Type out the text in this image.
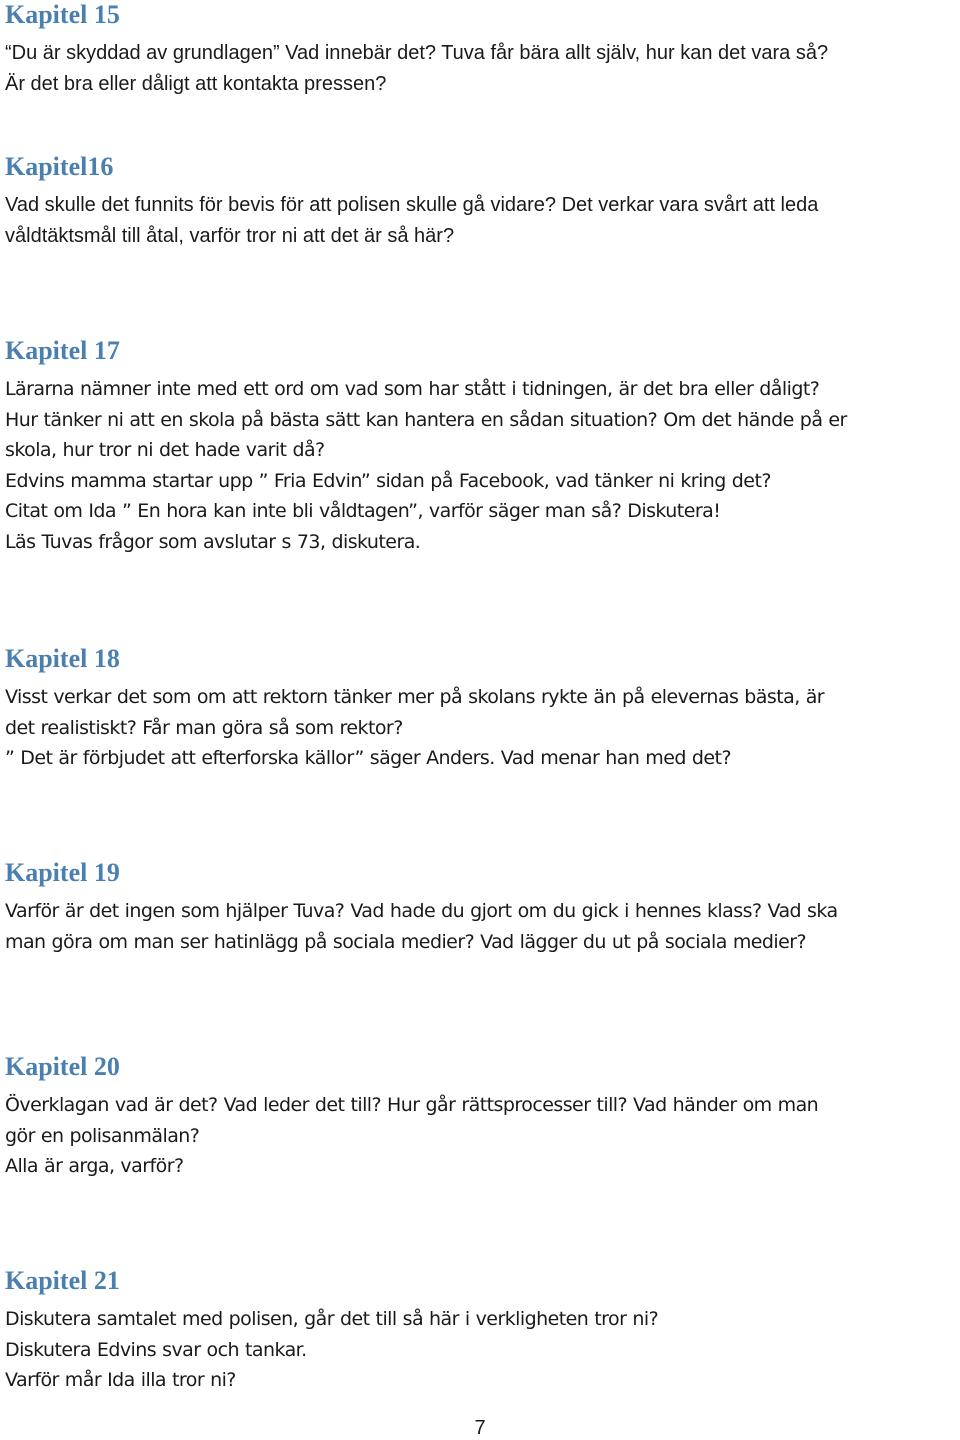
Kapitel 15
“Du är skyddad av grundlagen” Vad innebär det? Tuva får bära allt själv, hur kan det vara så?
Är det bra eller dåligt att kontakta pressen?
Kapitel16
Vad skulle det funnits för bevis för att polisen skulle gå vidare? Det verkar vara svårt att leda
våldtäktsmål till åtal, varför tror ni att det är så här?
Kapitel 17
Lärarna nämner inte med ett ord om vad som har stått i tidningen, är det bra eller dåligt?
Hur tänker ni att en skola på bästa sätt kan hantera en sådan situation? Om det hände på er
skola, hur tror ni det hade varit då?
Edvins mamma startar upp ” Fria Edvin” sidan på Facebook, vad tänker ni kring det?
Citat om Ida ” En hora kan inte bli våldtagen”, varför säger man så? Diskutera!
Läs Tuvas frågor som avslutar s 73, diskutera.
Kapitel 18
Visst verkar det som om att rektorn tänker mer på skolans rykte än på elevernas bästa, är
det realistiskt? Får man göra så som rektor?
” Det är förbjudet att efterforska källor” säger Anders. Vad menar han med det?
Kapitel 19
Varför är det ingen som hjälper Tuva? Vad hade du gjort om du gick i hennes klass? Vad ska
man göra om man ser hatinlägg på sociala medier? Vad lägger du ut på sociala medier?
Kapitel 20
Överklagan vad är det? Vad leder det till? Hur går rättsprocesser till? Vad händer om man
gör en polisanmälan?
Alla är arga, varför?
Kapitel 21
Diskutera samtalet med polisen, går det till så här i verkligheten tror ni?
Diskutera Edvins svar och tankar.
Varför mår Ida illa tror ni?
7
